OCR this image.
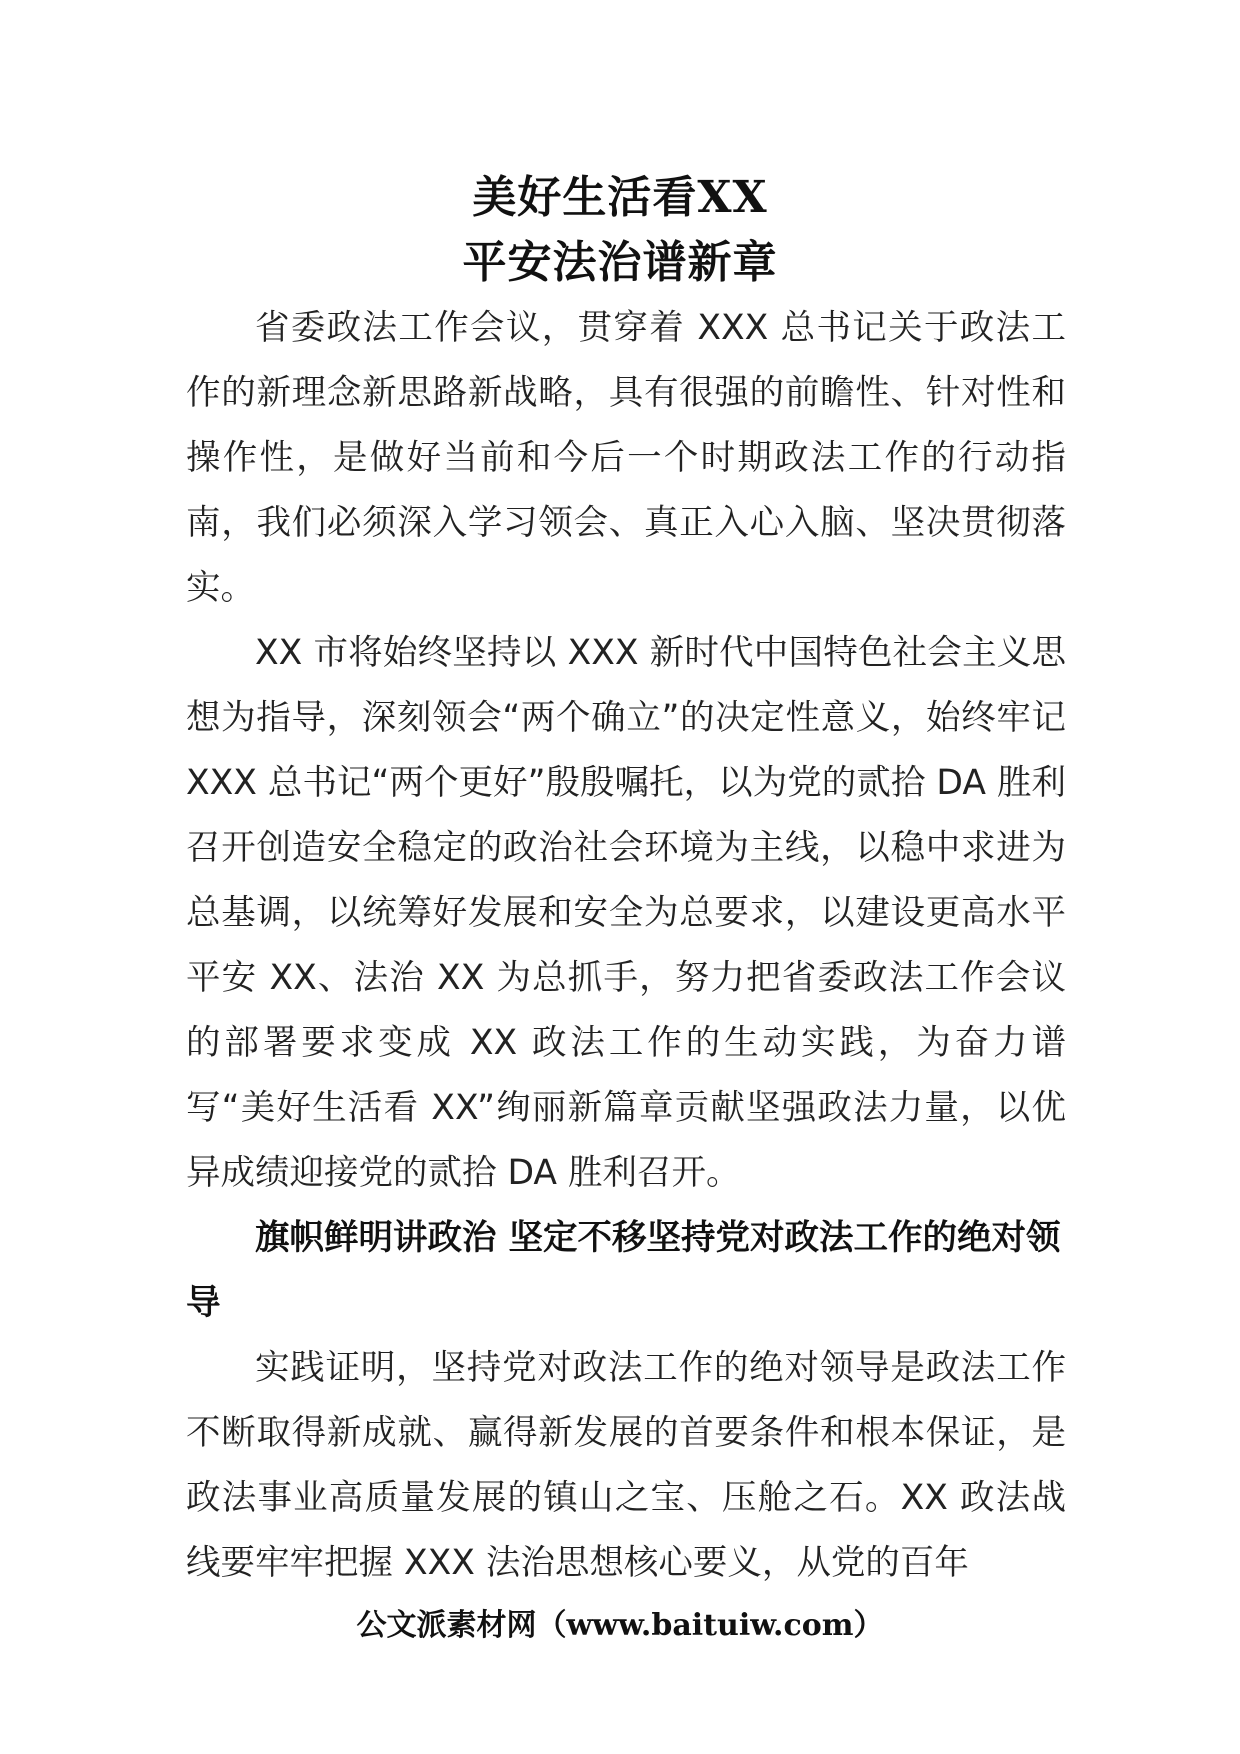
美好生活看XX
平安法治谱新章

省委政法工作会议，贯穿着 XXX 总书记关于政法工作的新理念新思路新战略，具有很强的前瞻性、针对性和操作性，是做好当前和今后一个时期政法工作的行动指南，我们必须深入学习领会、真正入心入脑、坚决贯彻落实。

XX 市将始终坚持以 XXX 新时代中国特色社会主义思想为指导，深刻领会“两个确立”的决定性意义，始终牢记 XXX 总书记“两个更好”殷殷嘱托，以为党的贰拾 DA 胜利召开创造安全稳定的政治社会环境为主线，以稳中求进为总基调，以统筹好发展和安全为总要求，以建设更高水平平安 XX、法治 XX 为总抓手，努力把省委政法工作会议的部署要求变成 XX 政法工作的生动实践，为奋力谱写“美好生活看 XX”绚丽新篇章贡献坚强政法力量，以优异成绩迎接党的贰拾 DA 胜利召开。

旗帜鲜明讲政治 坚定不移坚持党对政法工作的绝对领导

实践证明，坚持党对政法工作的绝对领导是政法工作不断取得新成就、赢得新发展的首要条件和根本保证，是政法事业高质量发展的镇山之宝、压舱之石。XX 政法战线要牢牢把握 XXX 法治思想核心要义，从党的百年

公文派素材网（www.baituiw.com）
